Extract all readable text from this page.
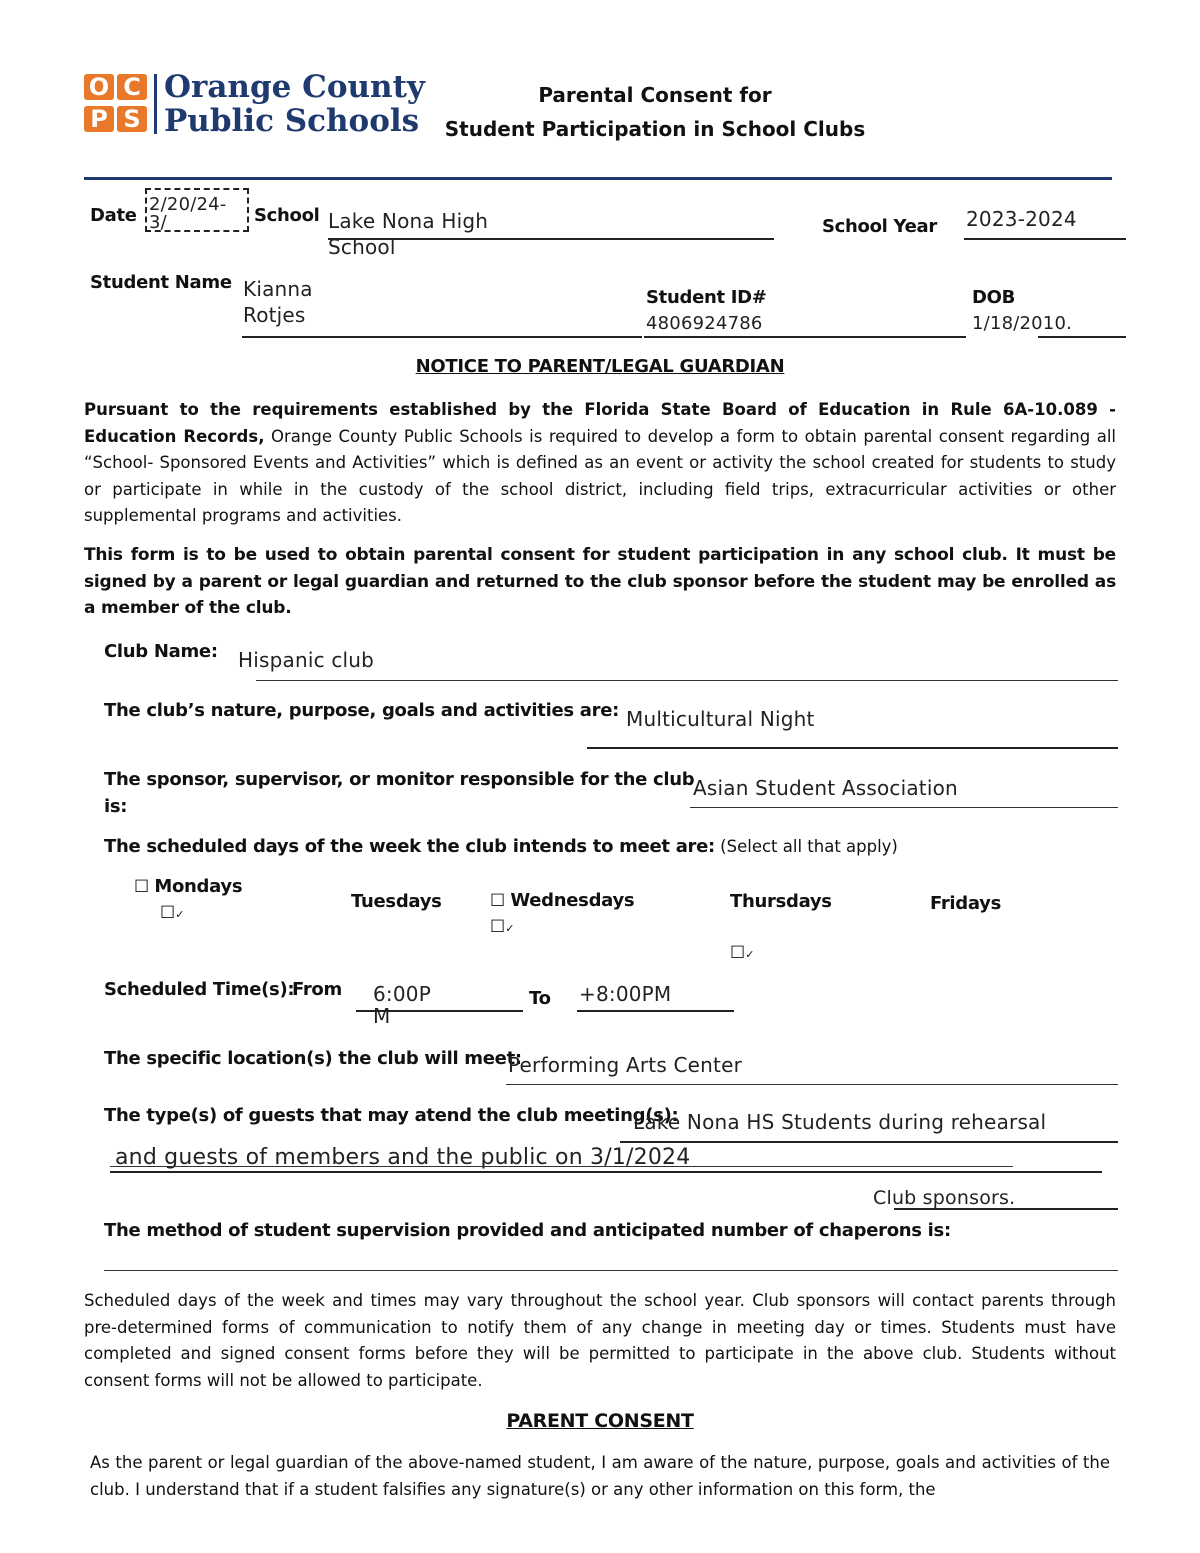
O C
P S
Orange County
Public Schools
Parental Consent for
Student Participation in School Clubs
Date
2/20/24-
3/	School Lake Nona High School
School Year 2023-2024
Student Name Kianna Rotjes
Student ID#
4806924786
DOB
1/18/2010.
NOTICE TO PARENT/LEGAL GUARDIAN
Pursuant to the requirements established by the Florida State Board of Education in Rule 6A-10.089 - Education Records, Orange County Public Schools is required to develop a form to obtain parental consent regarding all “School- Sponsored Events and Activities” which is defined as an event or activity the school created for students to study or participate in while in the custody of the school district, including field trips, extracurricular activities or other supplemental programs and activities.
This form is to be used to obtain parental consent for student participation in any school club. It must be signed by a parent or legal guardian and returned to the club sponsor before the student may be enrolled as a member of the club.
Club Name: Hispanic club
The club’s nature, purpose, goals and activities are: Multicultural Night
The sponsor, supervisor, or monitor responsible for the club
is:
Asian Student Association
The scheduled days of the week the club intends to meet are: (Select all that apply)
☐ Mondays
☐✓
Tuesdays	☐ Wednesdays
☐✓
Thursdays
☐✓
Fridays
Scheduled Time(s):
From 6:00P
M
To +8:00PM
The specific location(s) the club will meet:
Performing Arts Center
The type(s) of guests that may atend the club meeting(s):
Lake Nona HS Students during rehearsal
and guests of members and the public on 3/1/2024
Club sponsors.
The method of student supervision provided and anticipated number of chaperons is:
Scheduled days of the week and times may vary throughout the school year. Club sponsors will contact parents through pre-determined forms of communication to notify them of any change in meeting day or times. Students must have completed and signed consent forms before they will be permitted to participate in the above club. Students without consent forms will not be allowed to participate.
PARENT CONSENT
As the parent or legal guardian of the above-named student, I am aware of the nature, purpose, goals and activities of the club. I understand that if a student falsifies any signature(s) or any other information on this form, the
